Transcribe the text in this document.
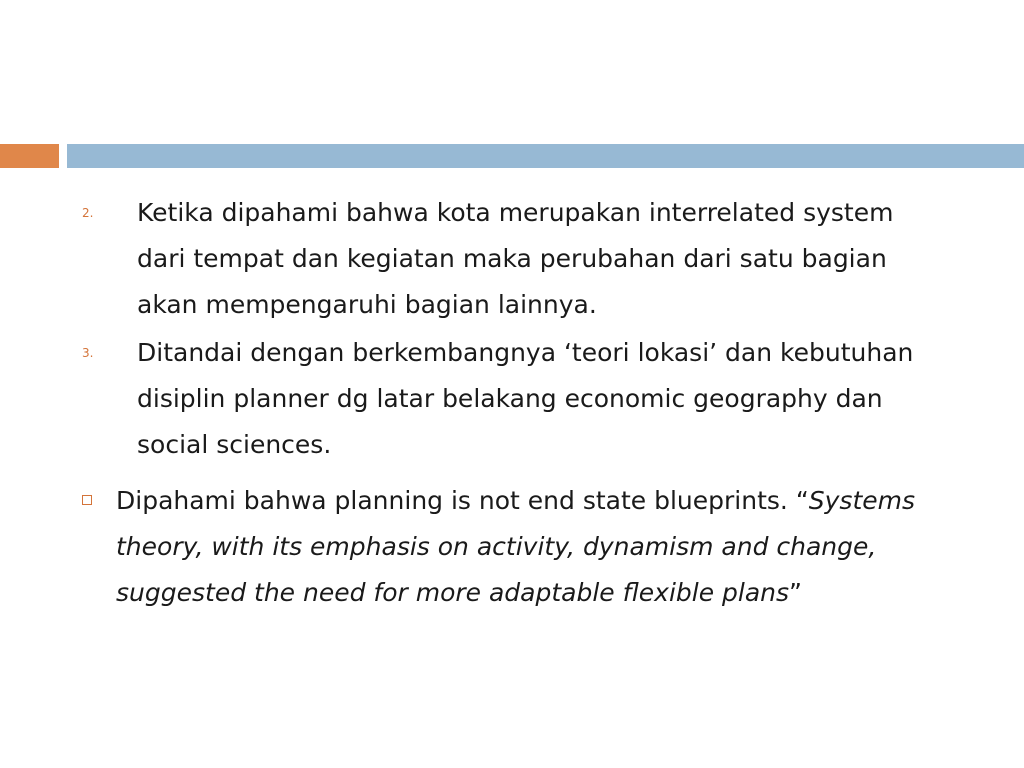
2. Ketika dipahami bahwa kota merupakan interrelated system dari tempat dan kegiatan maka perubahan dari satu bagian akan mempengaruhi bagian lainnya.
3. Ditandai dengan berkembangnya ‘teori lokasi’ dan kebutuhan disiplin planner dg latar belakang economic geography dan social sciences.
Dipahami bahwa planning is not end state blueprints. “Systems theory, with its emphasis on activity, dynamism and change, suggested the need for more adaptable flexible plans”
